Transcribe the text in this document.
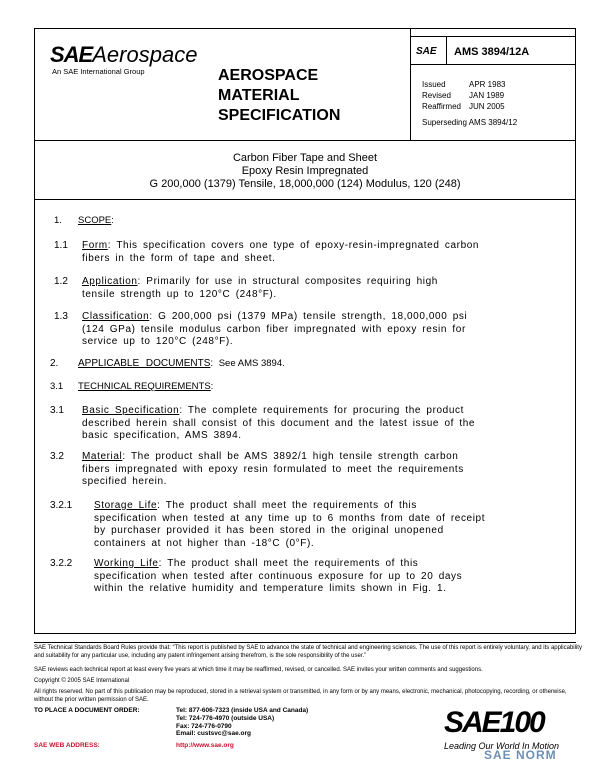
SAEAerospace
An SAE International Group	AEROSPACE
MATERIAL
SPECIFICATION
SAE AMS 3894/12A
Issued	APR 1983
Revised JAN 1989
Reaffirmed JUN 2005
Superseding AMS 3894/12
Carbon Fiber Tape and Sheet
Epoxy Resin Impregnated
G 200,000 (1379) Tensile, 18,000,000 (124) Modulus, 120 (248)
1. SCOPE:
1.1 Form: This specification covers one type of epoxy-resin-impregnated carbon
fibers in the form of tape and sheet.
1.2 Application: Primarily for use in structural composites requiring high
tensile strength up to 120°C (248°F).
1.3 Classification: G 200,000 psi (1379 MPa) tensile strength, 18,000,000 psi
(124 GPa) tensile modulus carbon fiber impregnated with epoxy resin for
service up to 120°C (248°F).
2. APPLICABLE DOCUMENTS:  See AMS 3894.
3.1 TECHNICAL REQUIREMENTS:
3.1 Basic Specification: The complete requirements for procuring the product
described herein shall consist of this document and the latest issue of the
basic specification, AMS 3894.
3.2 Material: The product shall be AMS 3892/1 high tensile strength carbon
fibers impregnated with epoxy resin formulated to meet the requirements
specified herein.
3.2.1 Storage Life: The product shall meet the requirements of this
specification when tested at any time up to 6 months from date of receipt
by purchaser provided it has been stored in the original unopened
containers at not higher than -18°C (0°F).
3.2.2 Working Life: The product shall meet the requirements of this
specification when tested after continuous exposure for up to 20 days
within the relative humidity and temperature limits shown in Fig. 1.
SAE Technical Standards Board Rules provide that: “This report is published by SAE to advance the state of technical and engineering sciences. The use of this report is entirely voluntary, and its applicability and suitability for any particular use, including any patent infringement arising therefrom, is the sole responsibility of the user.”
SAE reviews each technical report at least every five years at which time it may be reaffirmed, revised, or cancelled. SAE invites your written comments and suggestions.
Copyright © 2005 SAE International
All rights reserved. No part of this publication may be reproduced, stored in a retrieval system or transmitted, in any form or by any means, electronic, mechanical, photocopying, recording, or otherwise, without the prior written permission of SAE.
TO PLACE A DOCUMENT ORDER:	Tel: 877-606-7323 (inside USA and Canada)
Tel: 724-776-4970 (outside USA)
Fax: 724-776-0790
Email: custsvc@sae.org
SAE WEB ADDRESS:	http://www.sae.org
SAE100
Leading Our World In Motion
SAE NORM
